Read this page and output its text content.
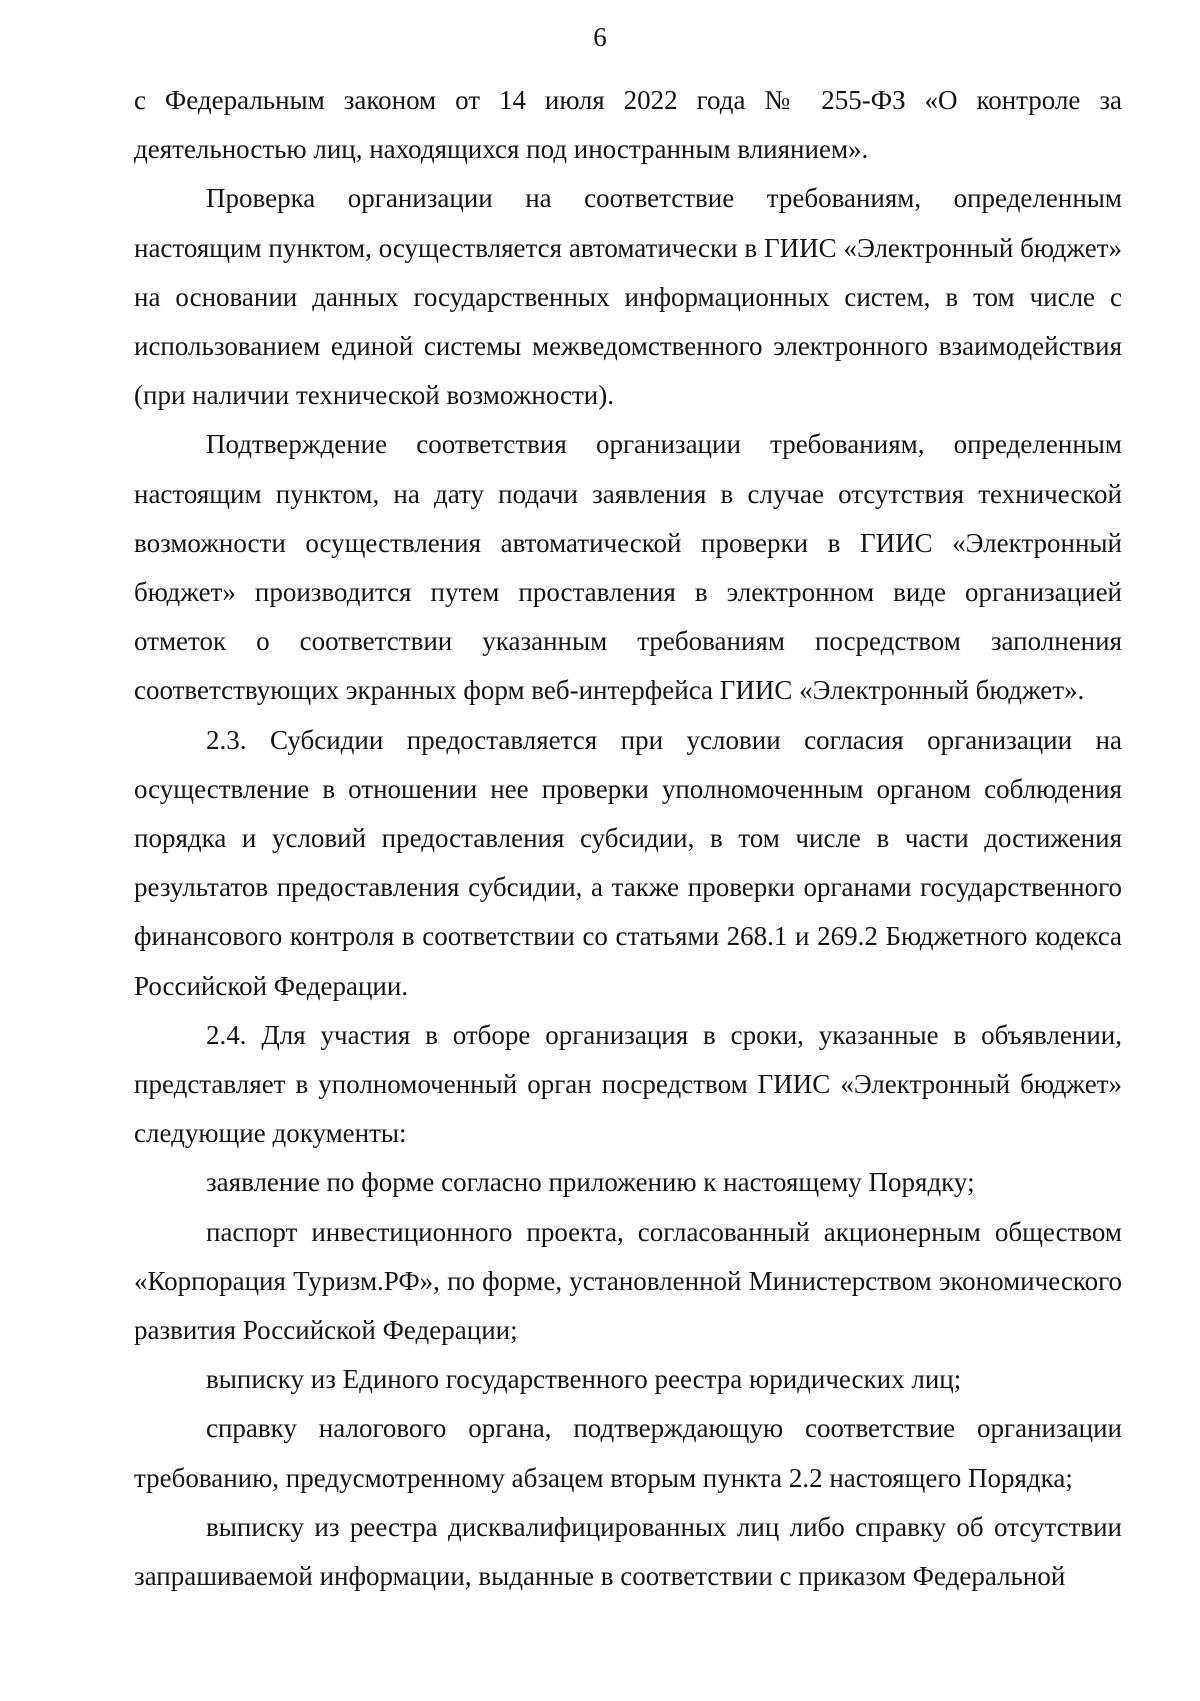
6

с Федеральным законом от 14 июля 2022 года № 255-ФЗ «О контроле за деятельностью лиц, находящихся под иностранным влиянием».

Проверка организации на соответствие требованиям, определенным настоящим пунктом, осуществляется автоматически в ГИИС «Электронный бюджет» на основании данных государственных информационных систем, в том числе с использованием единой системы межведомственного электронного взаимодействия (при наличии технической возможности).

Подтверждение соответствия организации требованиям, определенным настоящим пунктом, на дату подачи заявления в случае отсутствия технической возможности осуществления автоматической проверки в ГИИС «Электронный бюджет» производится путем проставления в электронном виде организацией отметок о соответствии указанным требованиям посредством заполнения соответствующих экранных форм веб-интерфейса ГИИС «Электронный бюджет».

2.3. Субсидии предоставляется при условии согласия организации на осуществление в отношении нее проверки уполномоченным органом соблюдения порядка и условий предоставления субсидии, в том числе в части достижения результатов предоставления субсидии, а также проверки органами государственного финансового контроля в соответствии со статьями 268.1 и 269.2 Бюджетного кодекса Российской Федерации.

2.4. Для участия в отборе организация в сроки, указанные в объявлении, представляет в уполномоченный орган посредством ГИИС «Электронный бюджет» следующие документы:

заявление по форме согласно приложению к настоящему Порядку;

паспорт инвестиционного проекта, согласованный акционерным обществом «Корпорация Туризм.РФ», по форме, установленной Министерством экономического развития Российской Федерации;

выписку из Единого государственного реестра юридических лиц;

справку налогового органа, подтверждающую соответствие организации требованию, предусмотренному абзацем вторым пункта 2.2 настоящего Порядка;

выписку из реестра дисквалифицированных лиц либо справку об отсутствии запрашиваемой информации, выданные в соответствии с приказом Федеральной
